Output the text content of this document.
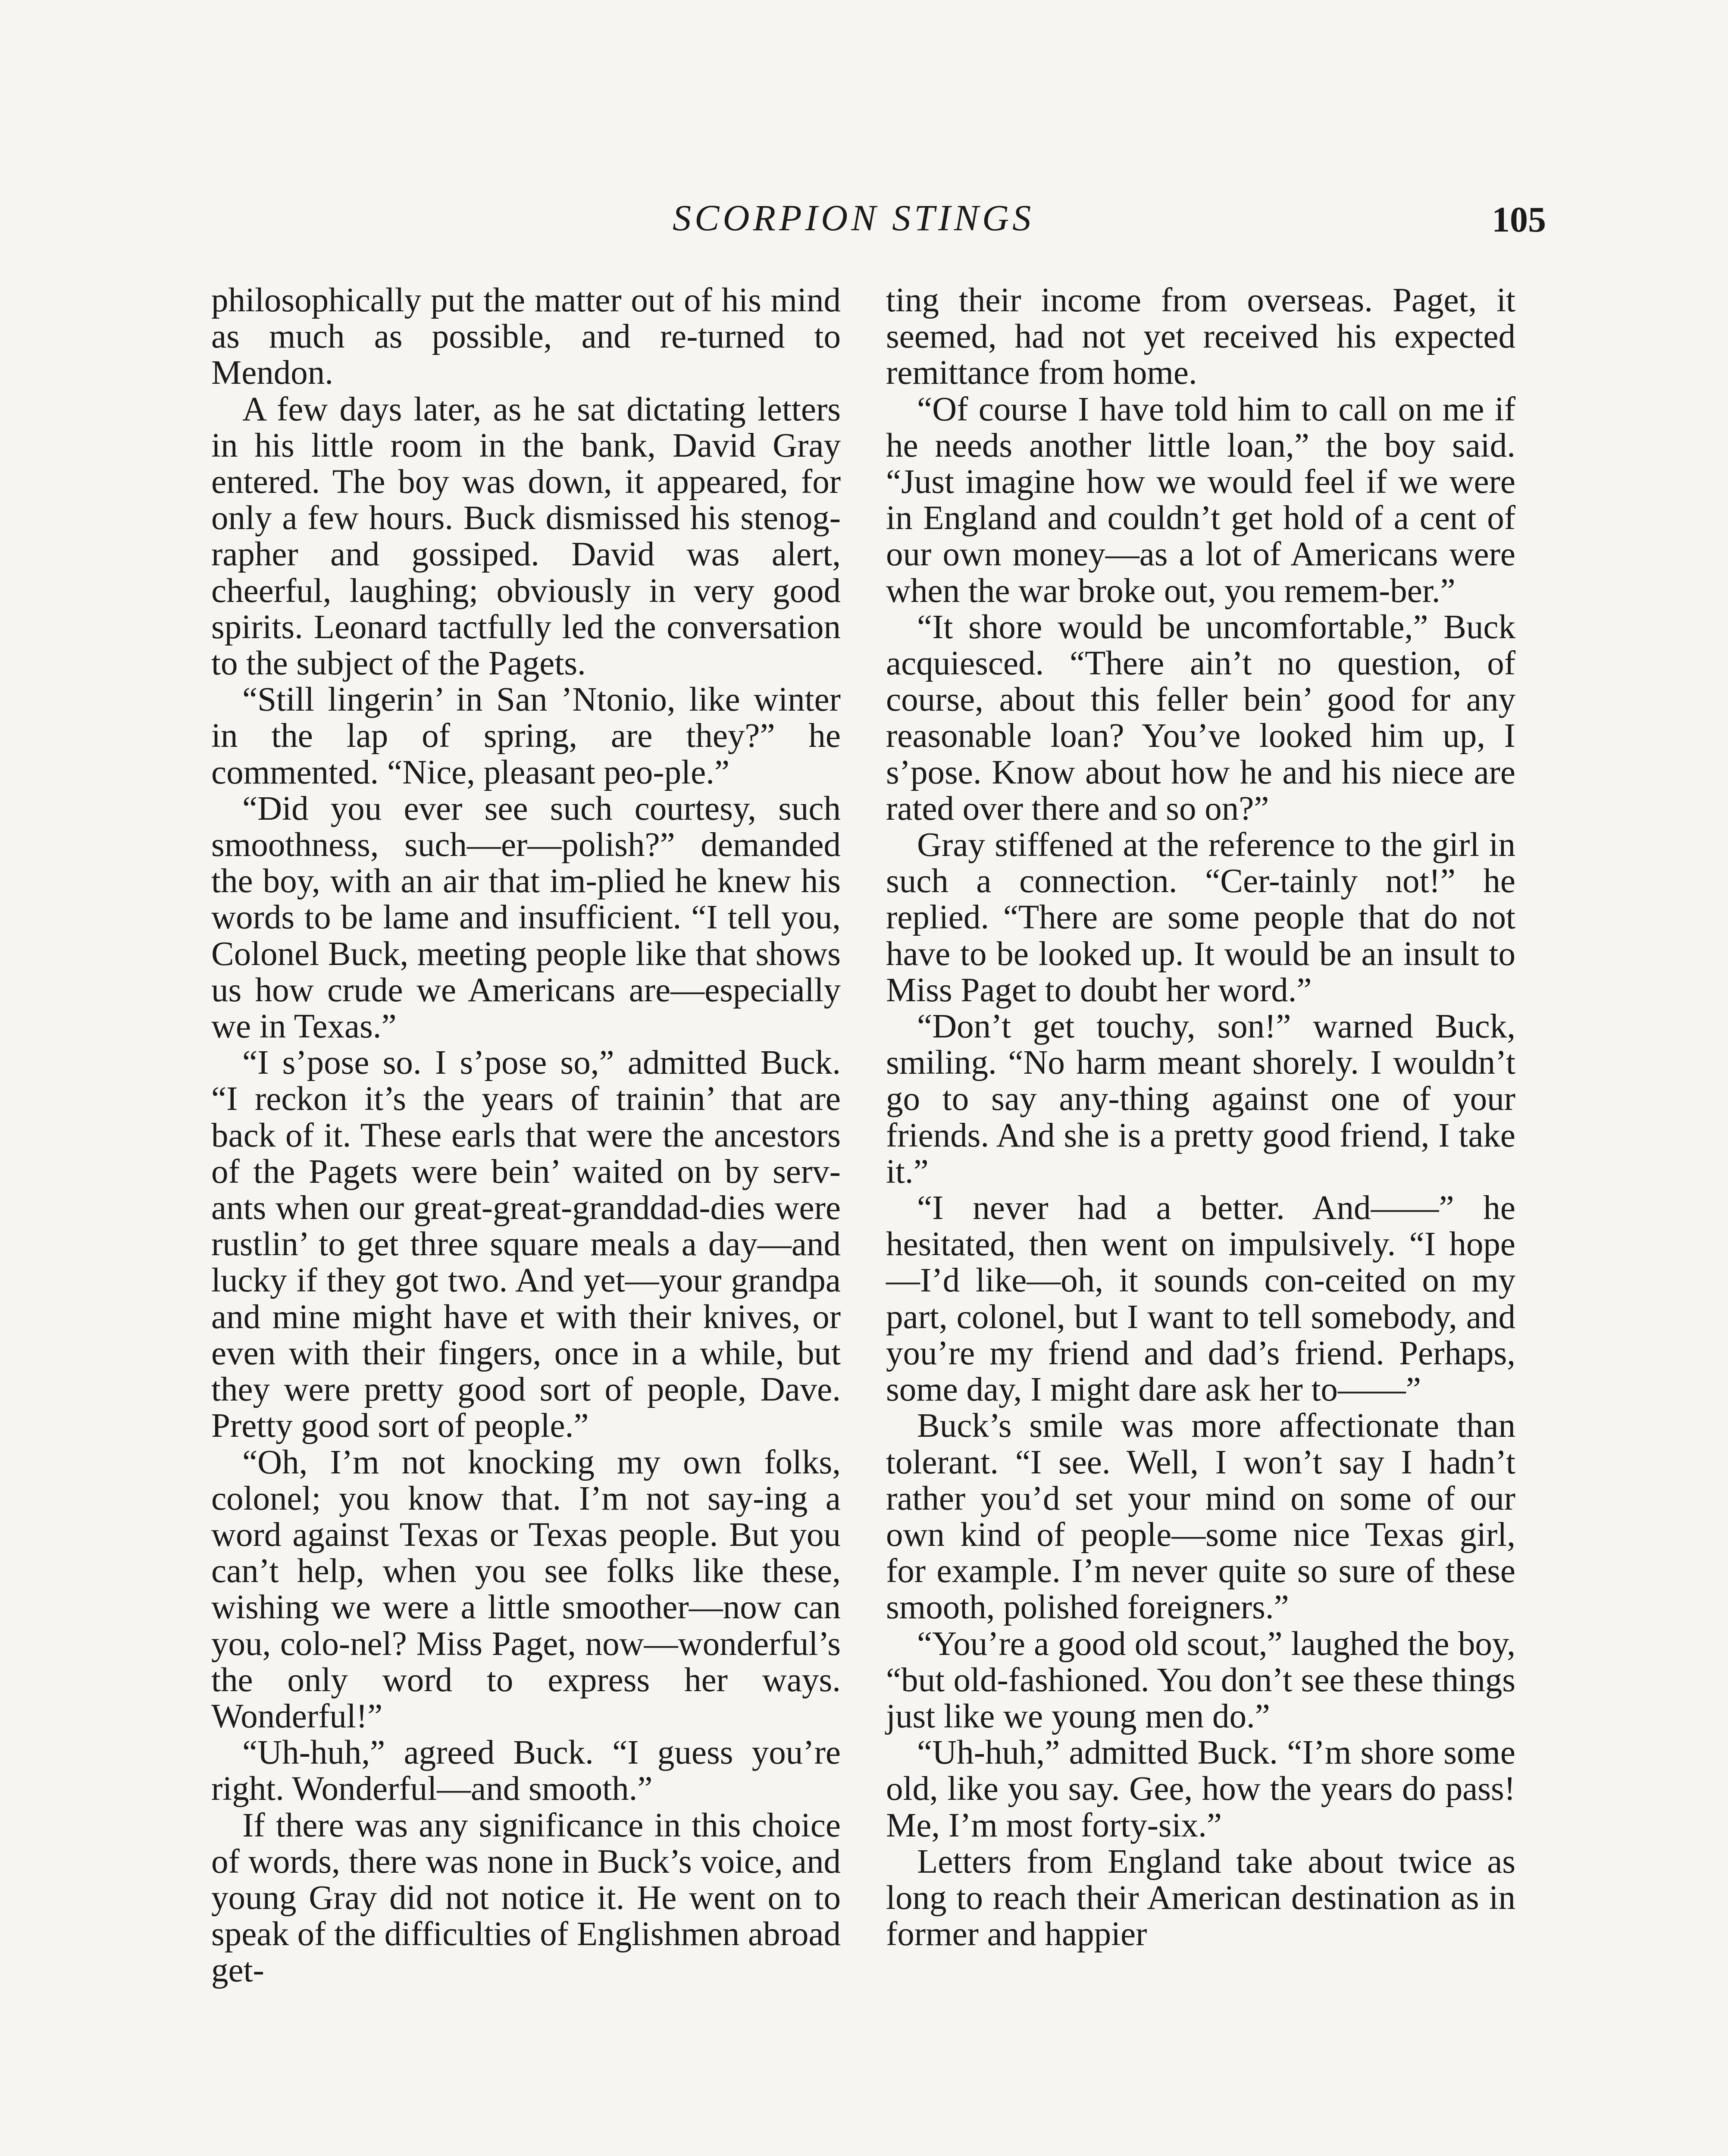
SCORPION STINGS	105

philosophically put the matter out of his mind as much as possible, and re-turned to Mendon.

A few days later, as he sat dictating letters in his little room in the bank, David Gray entered. The boy was down, it appeared, for only a few hours. Buck dismissed his stenog-rapher and gossiped. David was alert, cheerful, laughing; obviously in very good spirits. Leonard tactfully led the conversation to the subject of the Pagets.

“Still lingerin’ in San ’Ntonio, like winter in the lap of spring, are they?” he commented. “Nice, pleasant peo-ple.”

“Did you ever see such courtesy, such smoothness, such—er—polish?” demanded the boy, with an air that im-plied he knew his words to be lame and insufficient. “I tell you, Colonel Buck, meeting people like that shows us how crude we Americans are—especially we in Texas.”

“I s’pose so. I s’pose so,” admitted Buck. “I reckon it’s the years of trainin’ that are back of it. These earls that were the ancestors of the Pagets were bein’ waited on by serv-ants when our great-great-granddad-dies were rustlin’ to get three square meals a day—and lucky if they got two. And yet—your grandpa and mine might have et with their knives, or even with their fingers, once in a while, but they were pretty good sort of people, Dave. Pretty good sort of people.”

“Oh, I’m not knocking my own folks, colonel; you know that. I’m not say-ing a word against Texas or Texas people. But you can’t help, when you see folks like these, wishing we were a little smoother—now can you, colo-nel? Miss Paget, now—wonderful’s the only word to express her ways. Wonderful!”

“Uh-huh,” agreed Buck. “I guess you’re right. Wonderful—and smooth.”

If there was any significance in this choice of words, there was none in Buck’s voice, and young Gray did not notice it. He went on to speak of the difficulties of Englishmen abroad get-

ting their income from overseas. Paget, it seemed, had not yet received his expected remittance from home.

“Of course I have told him to call on me if he needs another little loan,” the boy said. “Just imagine how we would feel if we were in England and couldn’t get hold of a cent of our own money—as a lot of Americans were when the war broke out, you remem-ber.”

“It shore would be uncomfortable,” Buck acquiesced. “There ain’t no question, of course, about this feller bein’ good for any reasonable loan? You’ve looked him up, I s’pose. Know about how he and his niece are rated over there and so on?”

Gray stiffened at the reference to the girl in such a connection. “Cer-tainly not!” he replied. “There are some people that do not have to be looked up. It would be an insult to Miss Paget to doubt her word.”

“Don’t get touchy, son!” warned Buck, smiling. “No harm meant shorely. I wouldn’t go to say any-thing against one of your friends. And she is a pretty good friend, I take it.”

“I never had a better. And——” he hesitated, then went on impulsively. “I hope—I’d like—oh, it sounds con-ceited on my part, colonel, but I want to tell somebody, and you’re my friend and dad’s friend. Perhaps, some day, I might dare ask her to——”

Buck’s smile was more affectionate than tolerant. “I see. Well, I won’t say I hadn’t rather you’d set your mind on some of our own kind of people—some nice Texas girl, for example. I’m never quite so sure of these smooth, polished foreigners.”

“You’re a good old scout,” laughed the boy, “but old-fashioned. You don’t see these things just like we young men do.”

“Uh-huh,” admitted Buck. “I’m shore some old, like you say. Gee, how the years do pass! Me, I’m most forty-six.”

Letters from England take about twice as long to reach their American destination as in former and happier
